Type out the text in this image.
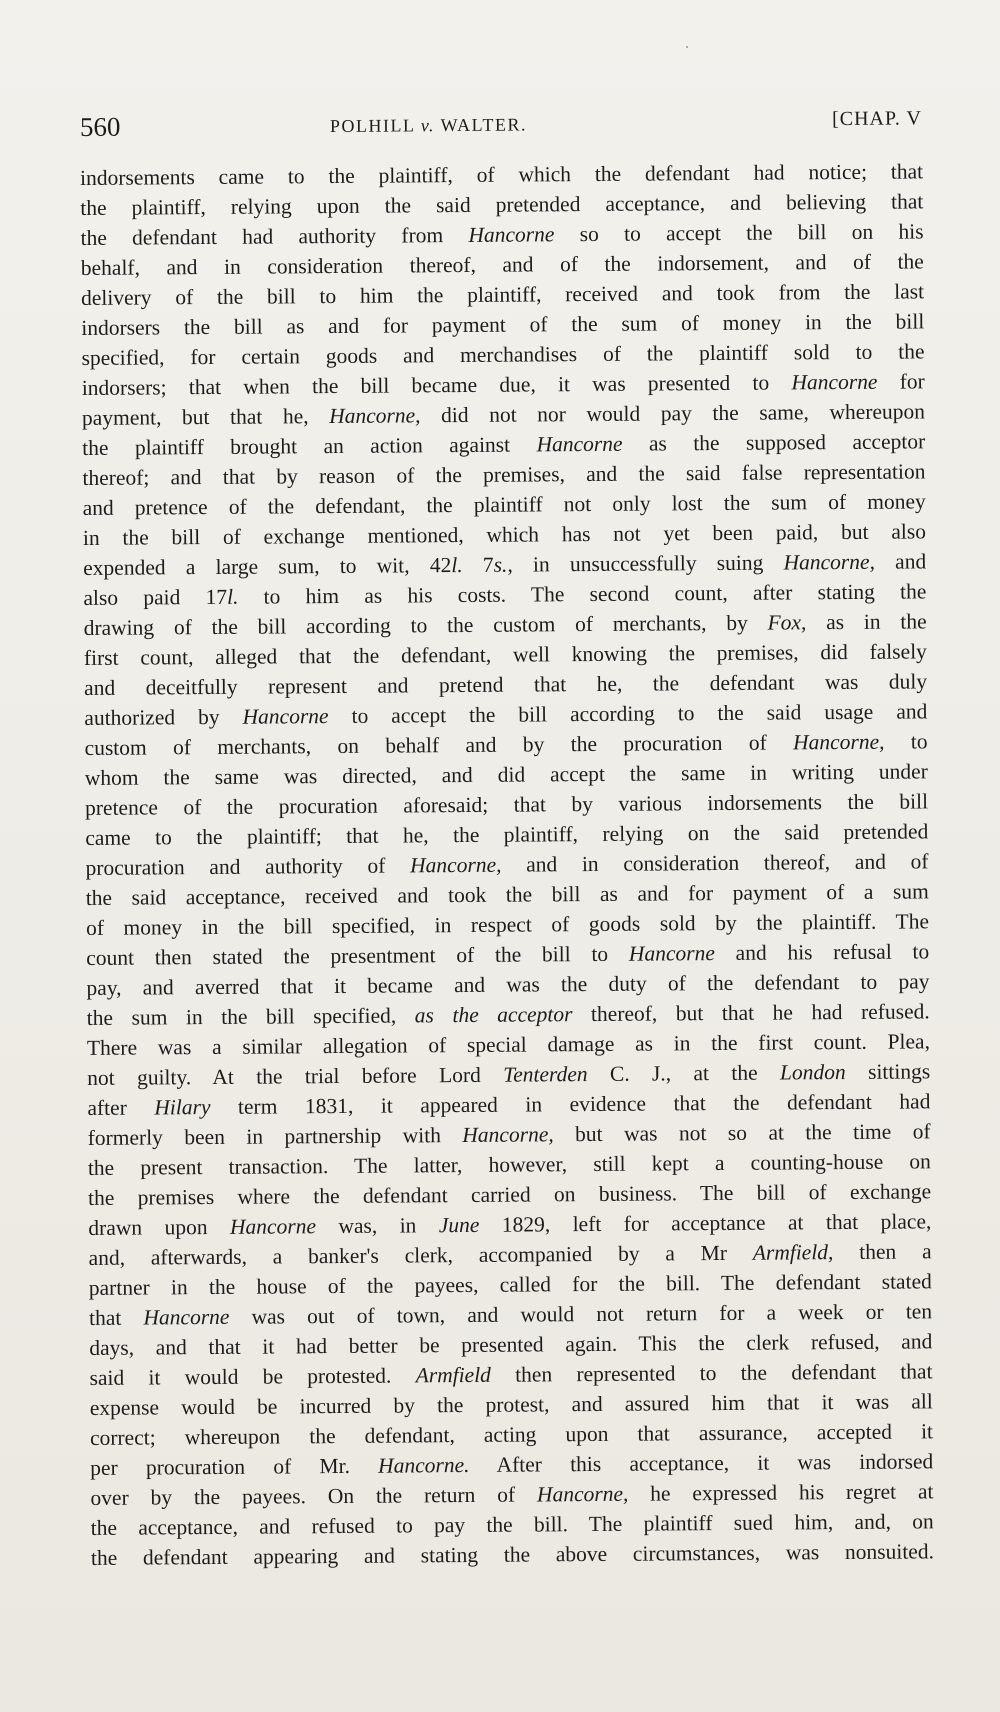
560	POLHILL v. WALTER.	[CHAP. V
indorsements came to the plaintiff, of which the defendant had notice; that
the plaintiff, relying upon the said pretended acceptance, and believing that
the defendant had authority from Hancorne so to accept the bill on his
behalf, and in consideration thereof, and of the indorsement, and of the
delivery of the bill to him the plaintiff, received and took from the last
indorsers the bill as and for payment of the sum of money in the bill
specified, for certain goods and merchandises of the plaintiff sold to the
indorsers; that when the bill became due, it was presented to Hancorne for
payment, but that he, Hancorne, did not nor would pay the same, whereupon
the plaintiff brought an action against Hancorne as the supposed acceptor
thereof; and that by reason of the premises, and the said false representation
and pretence of the defendant, the plaintiff not only lost the sum of money
in the bill of exchange mentioned, which has not yet been paid, but also
expended a large sum, to wit, 42l. 7s., in unsuccessfully suing Hancorne, and
also paid 17l. to him as his costs. The second count, after stating the
drawing of the bill according to the custom of merchants, by Fox, as in the
first count, alleged that the defendant, well knowing the premises, did falsely
and deceitfully represent and pretend that he, the defendant was duly
authorized by Hancorne to accept the bill according to the said usage and
custom of merchants, on behalf and by the procuration of Hancorne, to
whom the same was directed, and did accept the same in writing under
pretence of the procuration aforesaid; that by various indorsements the bill
came to the plaintiff; that he, the plaintiff, relying on the said pretended
procuration and authority of Hancorne, and in consideration thereof, and of
the said acceptance, received and took the bill as and for payment of a sum
of money in the bill specified, in respect of goods sold by the plaintiff. The
count then stated the presentment of the bill to Hancorne and his refusal to
pay, and averred that it became and was the duty of the defendant to pay
the sum in the bill specified, as the acceptor thereof, but that he had refused.
There was a similar allegation of special damage as in the first count. Plea,
not guilty. At the trial before Lord Tenterden C. J., at the London sittings
after Hilary term 1831, it appeared in evidence that the defendant had
formerly been in partnership with Hancorne, but was not so at the time of
the present transaction. The latter, however, still kept a counting-house on
the premises where the defendant carried on business. The bill of exchange
drawn upon Hancorne was, in June 1829, left for acceptance at that place,
and, afterwards, a banker's clerk, accompanied by a Mr Armfield, then a
partner in the house of the payees, called for the bill. The defendant stated
that Hancorne was out of town, and would not return for a week or ten
days, and that it had better be presented again. This the clerk refused, and
said it would be protested. Armfield then represented to the defendant that
expense would be incurred by the protest, and assured him that it was all
correct; whereupon the defendant, acting upon that assurance, accepted it
per procuration of Mr. Hancorne. After this acceptance, it was indorsed
over by the payees. On the return of Hancorne, he expressed his regret at
the acceptance, and refused to pay the bill. The plaintiff sued him, and, on
the defendant appearing and stating the above circumstances, was nonsuited.
